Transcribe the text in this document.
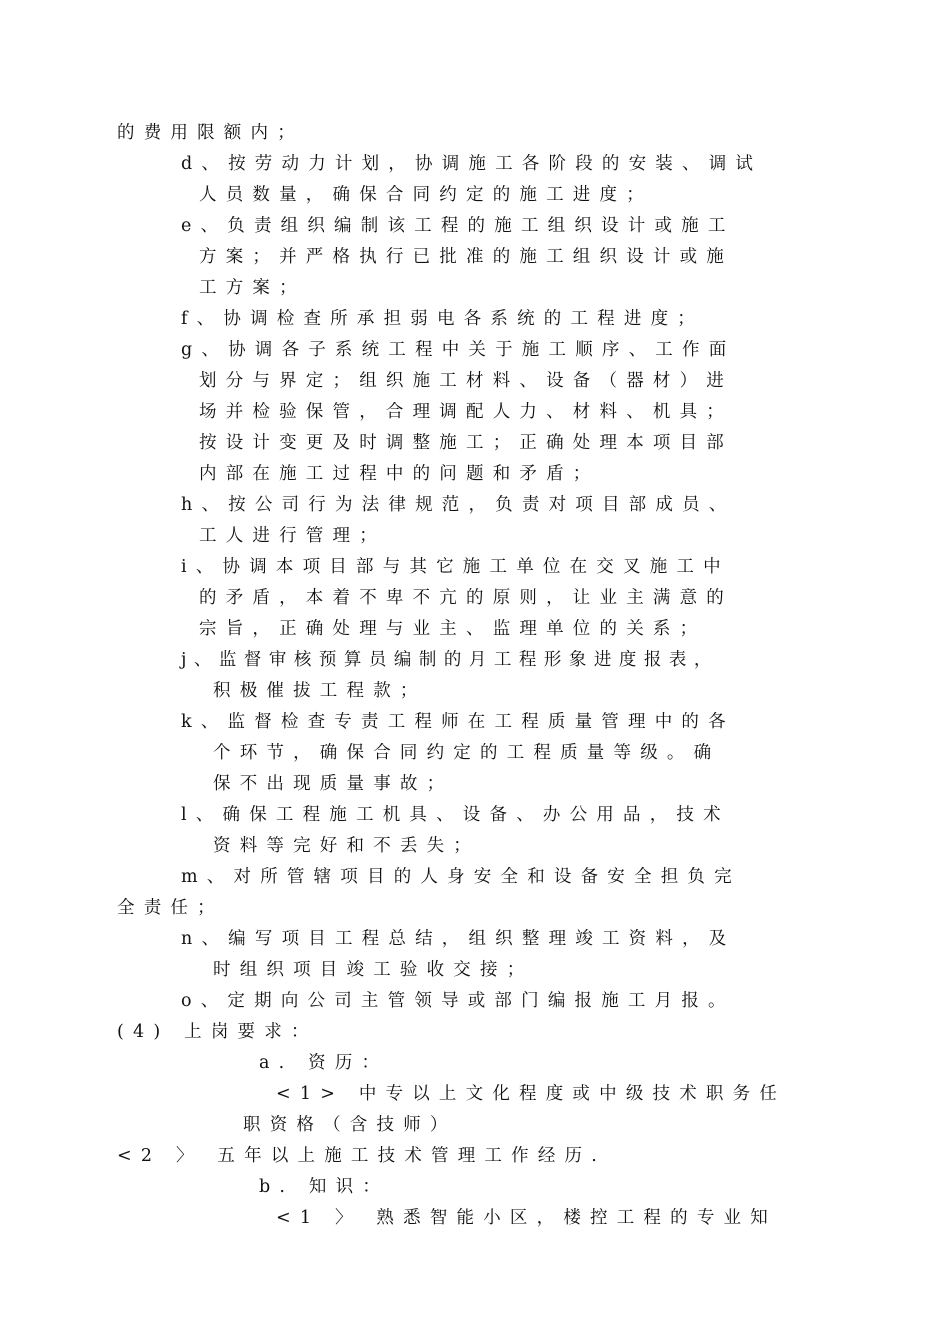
的费用限额内；
d、按劳动力计划，协调施工各阶段的安装、调试
人员数量，确保合同约定的施工进度；
e、负责组织编制该工程的施工组织设计或施工
方案；并严格执行已批准的施工组织设计或施
工方案；
f、协调检查所承担弱电各系统的工程进度；
g、协调各子系统工程中关于施工顺序、工作面
划分与界定；组织施工材料、设备（器材）进
场并检验保管，合理调配人力、材料、机具；
按设计变更及时调整施工；正确处理本项目部
内部在施工过程中的问题和矛盾；
h、按公司行为法律规范，负责对项目部成员、
工人进行管理；
i、协调本项目部与其它施工单位在交叉施工中
的矛盾，本着不卑不亢的原则，让业主满意的
宗旨，正确处理与业主、监理单位的关系；
j、监督审核预算员编制的月工程形象进度报表，
积极催拔工程款；
k、监督检查专责工程师在工程质量管理中的各
个环节，确保合同约定的工程质量等级。确
保不出现质量事故；
l、确保工程施工机具、设备、办公用品，技术
资料等完好和不丢失；
m、对所管辖项目的人身安全和设备安全担负完
全责任；
n、编写项目工程总结，组织整理竣工资料，及
时组织项目竣工验收交接；
o、定期向公司主管领导或部门编报施工月报。
(4) 上岗要求：
a. 资历：
<1> 中专以上文化程度或中级技术职务任
职资格（含技师）
<2 〉 五年以上施工技术管理工作经历.
b. 知识：
<1 〉 熟悉智能小区，楼控工程的专业知
